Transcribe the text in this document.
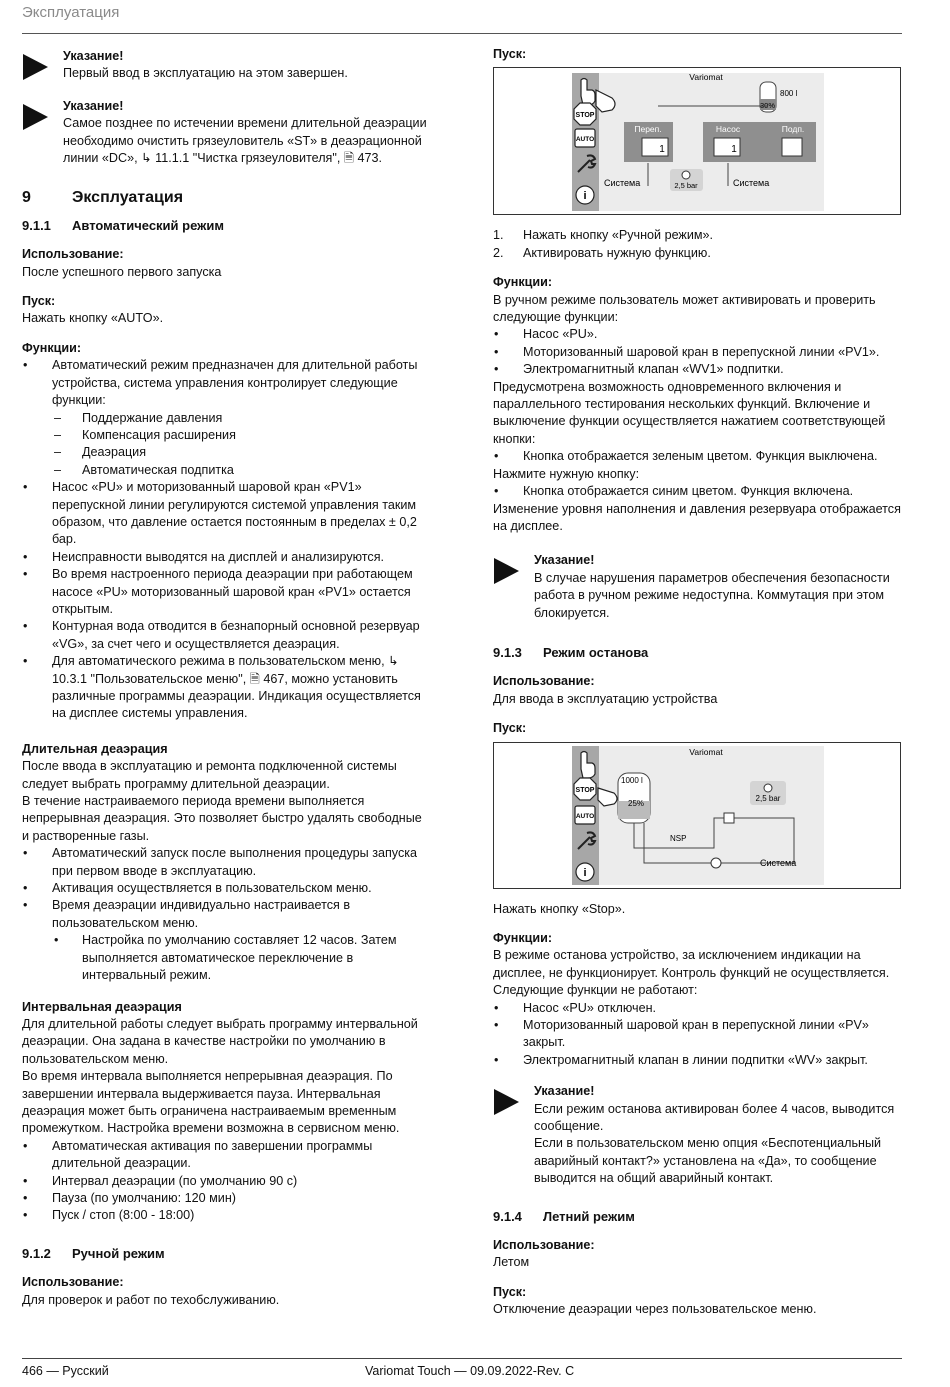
Эксплуатация

Указание!

Первый ввод в эксплуатацию на этом завершен.

Указание!

Самое позднее по истечении времени длительной деаэрации

необходимо очистить грязеуловитель «ST» в деаэрационной

линии «DC», ↳ 11.1.1 "Чистка грязеуловителя", 🗎 473.

9	Эксплуатация
9.1.1	Автоматический режим

Использование:

После успешного первого запуска

Пуск:

Нажать кнопку «AUTO».

Функции:

• Автоматический режим предназначен для длительной работы устройства, система управления контролирует следующие функции:
– Поддержание давления
– Компенсация расширения
– Деаэрация
– Автоматическая подпитка
• Насос «PU» и моторизованный шаровой кран «PV1» перепускной линии регулируются системой управления таким образом, что давление остается постоянным в пределах ± 0,2 бар.
• Неисправности выводятся на дисплей и анализируются.
• Во время настроенного периода деаэрации при работающем насосе «PU» моторизованный шаровой кран «PV1» остается открытым.
• Контурная вода отводится в безнапорный основной резервуар «VG», за счет чего и осуществляется деаэрация.
• Для автоматического режима в пользовательском меню, ↳ 10.3.1 "Пользовательское меню", 🗎 467, можно установить различные программы деаэрации. Индикация осуществляется на дисплее системы управления.

Длительная деаэрация

После ввода в эксплуатацию и ремонта подключенной системы следует выбрать программу длительной деаэрации.

В течение настраиваемого периода времени выполняется непрерывная деаэрация. Это позволяет быстро удалять свободные и растворенные газы.

• Автоматический запуск после выполнения процедуры запуска при первом вводе в эксплуатацию.
• Активация осуществляется в пользовательском меню.
• Время деаэрации индивидуально настраивается в пользовательском меню.
• Настройка по умолчанию составляет 12 часов. Затем выполняется автоматическое переключение в интервальный режим.

Интервальная деаэрация

Для длительной работы следует выбрать программу интервальной деаэрации. Она задана в качестве настройки по умолчанию в пользовательском меню.

Во время интервала выполняется непрерывная деаэрация. По завершении интервала выдерживается пауза. Интервальная деаэрация может быть ограничена настраиваемым временным промежутком. Настройка времени возможна в сервисном меню.

• Автоматическая активация по завершении программы длительной деаэрации.
• Интервал деаэрации (по умолчанию 90 с)
• Пауза (по умолчанию: 120 мин)
• Пуск / стоп (8:00 - 18:00)
9.1.2	Ручной режим

Использование:

Для проверок и работ по техобслуживанию.

Пуск:

STOP
AUTO
i
Variomat
800 l
30%
Переп.
1
Насос
1
Подп.
Система	2,5 bar	Система
1. Нажать кнопку «Ручной режим».
2. Активировать нужную функцию.

Функции:

В ручном режиме пользователь может активировать и проверить следующие функции:

• Насос «PU».
• Моторизованный шаровой кран в перепускной линии «PV1».
• Электромагнитный клапан «WV1» подпитки.

Предусмотрена возможность одновременного включения и параллельного тестирования нескольких функций. Включение и выключение функции осуществляется нажатием соответствующей кнопки:

• Кнопка отображается зеленым цветом. Функция выключена.

Нажмите нужную кнопку:

• Кнопка отображается синим цветом. Функция включена.

Изменение уровня наполнения и давления резервуара отображается на дисплее.

Указание!

В случае нарушения параметров обеспечения безопасности работа в ручном режиме недоступна. Коммутация при этом блокируется.

9.1.3	Режим останова

Использование:

Для ввода в эксплуатацию устройства

Пуск:

STOP
AUTO
i
Variomat
1000 l
25%
NSP
2,5 bar
Система

Нажать кнопку «Stop».

Функции:

В режиме останова устройство, за исключением индикации на дисплее, не функционирует. Контроль функций не осуществляется.

Следующие функции не работают:

• Насос «PU» отключен.
• Моторизованный шаровой кран в перепускной линии «PV» закрыт.
• Электромагнитный клапан в линии подпитки «WV» закрыт.

Указание!

Если режим останова активирован более 4 часов, выводится сообщение.

Если в пользовательском меню опция «Беспотенциальный аварийный контакт?» установлена на «Да», то сообщение выводится на общий аварийный контакт.

9.1.4	Летний режим

Использование:

Летом

Пуск:

Отключение деаэрации через пользовательское меню.

466 — Русский	Variomat Touch — 09.09.2022-Rev. C
